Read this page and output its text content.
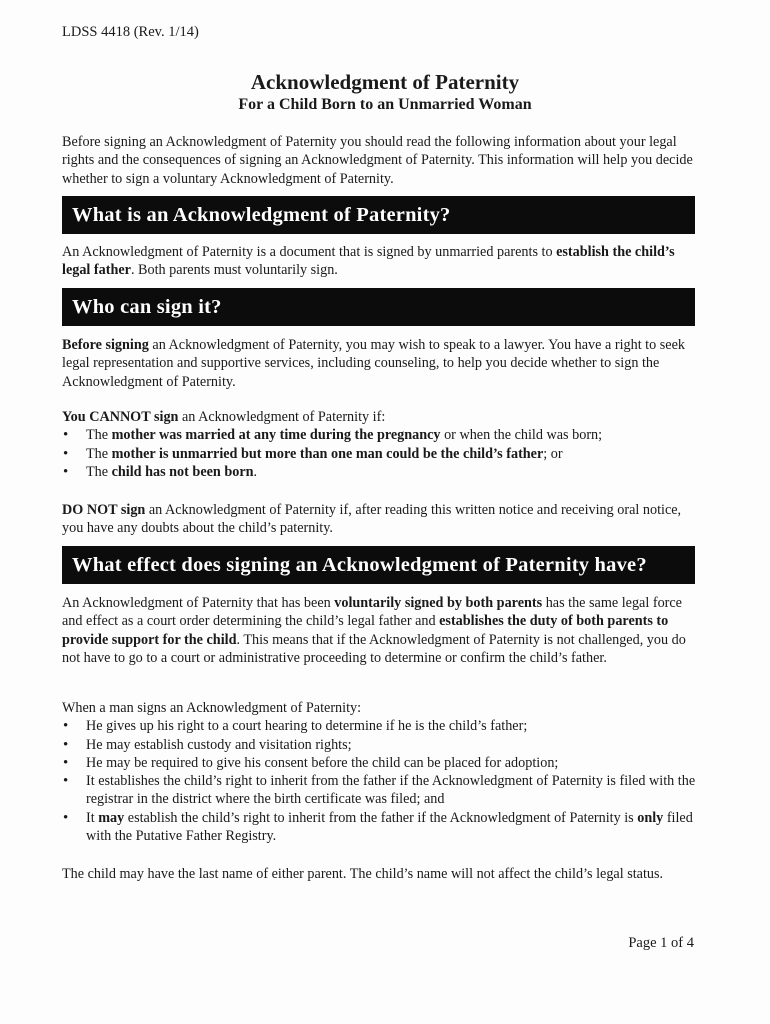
LDSS 4418 (Rev. 1/14)
Acknowledgment of Paternity
For a Child Born to an Unmarried Woman

Before signing an Acknowledgment of Paternity you should read the following information about your legal rights and the consequences of signing an Acknowledgment of Paternity. This information will help you decide whether to sign a voluntary Acknowledgment of Paternity.

What is an Acknowledgment of Paternity?

An Acknowledgment of Paternity is a document that is signed by unmarried parents to establish the child’s legal father. Both parents must voluntarily sign.

Who can sign it?

Before signing an Acknowledgment of Paternity, you may wish to speak to a lawyer. You have a right to seek legal representation and supportive services, including counseling, to help you decide whether to sign the Acknowledgment of Paternity.

You CANNOT sign an Acknowledgment of Paternity if:

• The mother was married at any time during the pregnancy or when the child was born;
• The mother is unmarried but more than one man could be the child’s father; or
• The child has not been born.

DO NOT sign an Acknowledgment of Paternity if, after reading this written notice and receiving oral notice, you have any doubts about the child’s paternity.

What effect does signing an Acknowledgment of Paternity have?

An Acknowledgment of Paternity that has been voluntarily signed by both parents has the same legal force and effect as a court order determining the child’s legal father and establishes the duty of both parents to provide support for the child. This means that if the Acknowledgment of Paternity is not challenged, you do not have to go to a court or administrative proceeding to determine or confirm the child’s father.

When a man signs an Acknowledgment of Paternity:

• He gives up his right to a court hearing to determine if he is the child’s father;
• He may establish custody and visitation rights;
• He may be required to give his consent before the child can be placed for adoption;
• It establishes the child’s right to inherit from the father if the Acknowledgment of Paternity is filed with the registrar in the district where the birth certificate was filed; and
• It may establish the child’s right to inherit from the father if the Acknowledgment of Paternity is only filed with the Putative Father Registry.

The child may have the last name of either parent. The child’s name will not affect the child’s legal status.

Page 1 of 4
